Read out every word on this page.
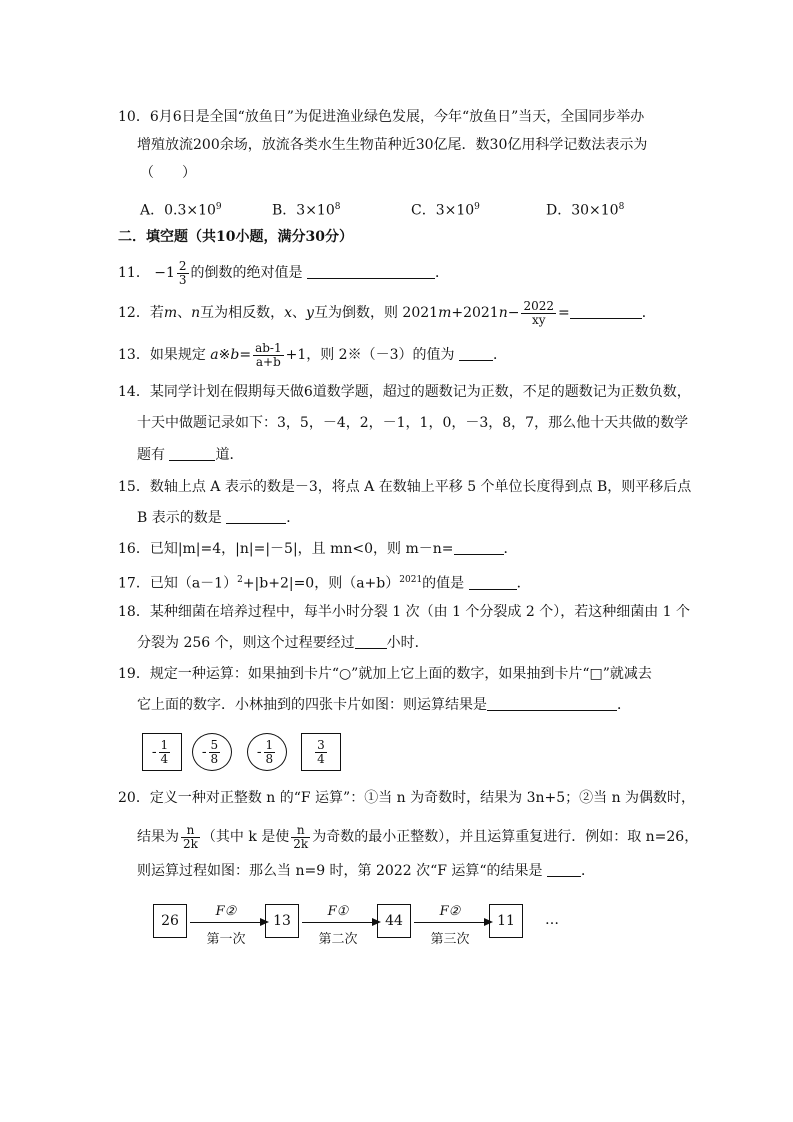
10．6月6日是全国“放鱼日”为促进渔业绿色发展，今年“放鱼日”当天，全国同步举办
增殖放流200余场，放流各类水生生物苗种近30亿尾．数30亿用科学记数法表示为
（　　）
A．$0.3\times 10^9$	B．$3\times 10^8$	C．$3\times 10^9$	D．$30\times 10^8$
二．填空题（共10小题，满分30分）
11． $-1 \frac{2}{3}$ 的倒数的绝对值是	．
12．若m、n互为相反数，x、y互为倒数，则 $2021m+2021n- \frac{2022}{xy}$ =	．
13．如果规定 a※b= $\frac{ab-1}{a+b} +1$，则 2※（－3）的值为	．
14．某同学计划在假期每天做6道数学题，超过的题数记为正数，不足的题数记为正数负数，
十天中做题记录如下：3，5，－4，2，－1，1，0，－3，8，7，那么他十天共做的数学
题有	道．
15．数轴上点 A 表示的数是－3，将点 A 在数轴上平移 5 个单位长度得到点 B，则平移后点
B 表示的数是	．
16．已知|m|=4，|n|=|－5|，且 mn<0，则 m－n=	．
17．已知$(a-1)^2+|b+2|=0$，则$(a+b)^{2021}$的值是	．
18．某种细菌在培养过程中，每半小时分裂 1 次（由 1 个分裂成 2 个），若这种细菌由 1 个
分裂为 256 个，则这个过程要经过 小时．
19．规定一种运算：如果抽到卡片“○”就加上它上面的数字，如果抽到卡片“□”就减去
它上面的数字．小林抽到的四张卡片如图：则运算结果是	．
- $\frac{1}{4} - \frac{5}{8}$	- $\frac{1}{8}$	$\frac{3}{4}$
20．定义一种对正整数 n 的“F 运算”：①当 n 为奇数时，结果为 3n+5；②当 n 为偶数时，
结果为 $\frac{n}{2k}$ （其中 k 是使 $\frac{n}{2k}$ 为奇数的最小正整数），并且运算重复进行．例如：取 n=26，
则运算过程如图：那么当 n=9 时，第 2022 次“F 运算“的结果是	．
26
F②
第一次
13
F①
第二次
44
F②
第三次
11	…
